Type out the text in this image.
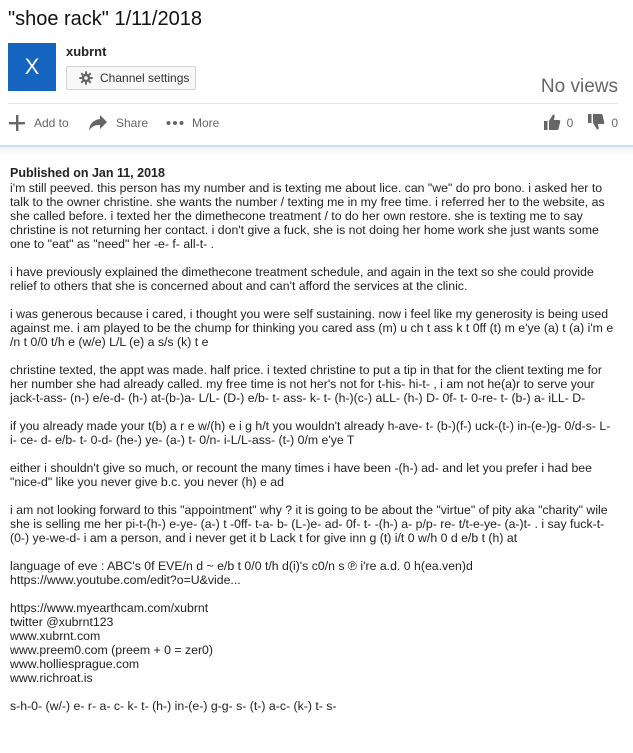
"shoe rack" 1/11/2018
X
xubrnt
Channel settings	No views
Add to	Share	More	0	0
Published on Jan 11, 2018

i'm still peeved. this person has my number and is texting me about lice. can "we" do pro bono. i asked her to talk to the owner christine. she wants the number / texting me in my free time. i referred her to the website, as she called before. i texted her the dimethecone treatment / to do her own restore. she is texting me to say christine is not returning her contact. i don't give a fuck, she is not doing her home work she just wants some one to "eat" as "need" her -e- f- all-t- .

i have previously explained the dimethecone treatment schedule, and again in the text so she could provide relief to others that she is concerned about and can't afford the services at the clinic.

i was generous because i cared, i thought you were self sustaining. now i feel like my generosity is being used against me. i am played to be the chump for thinking you cared ass (m) u ch t ass k t 0ff (t) m e'ye (a) t (a) i'm e /n t 0/0 t/h e (w/e) L/L (e) a s/s (k) t e

christine texted, the appt was made. half price. i texted christine to put a tip in that for the client texting me for her number she had already called. my free time is not her's not for t-his- hi-t- , i am not he(a)r to serve your jack-t-ass- (n-) e/e-d- (h-) at-(b-)a- L/L- (D-) e/b- t- ass- k- t- (h-)(c-) aLL- (h-) D- 0f- t- 0-re- t- (b-) a- iLL- D-

if you already made your t(b) a r e w/(h) e i g h/t you wouldn't already h-ave- t- (b-)(f-) uck-(t-) in-(e-)g- 0/d-s- L- i- ce- d- e/b- t- 0-d- (he-) ye- (a-) t- 0/n- i-L/L-ass- (t-) 0/m e'ye T

either i shouldn't give so much, or recount the many times i have been -(h-) ad- and let you prefer i had bee "nice-d" like you never give b.c. you never (h) e ad

i am not looking forward to this "appointment" why ? it is going to be about the "virtue" of pity aka "charity" wile she is selling me her pi-t-(h-) e-ye- (a-) t -0ff- t-a- b- (L-)e- ad- 0f- t- -(h-) a- p/p- re- t/t-e-ye- (a-)t- . i say fuck-t-(0-) ye-we-d- i am a person, and i never get it b Lack t for give inn g (t) i/t 0 w/h 0 d e/b t (h) at

language of eve : ABC's 0f EVE/n d ~ e/b t 0/0 t/h d(i)'s c0/n s ℗ i're a.d. 0 h(ea.ven)d
https://www.youtube.com/edit?o=U&vide...

https://www.myearthcam.com/xubrnt
twitter @xubrnt123
www.xubrnt.com
www.preem0.com (preem + 0 = zer0)
www.holliesprague.com
www.richroat.is

s-h-0- (w/-) e- r- a- c- k- t- (h-) in-(e-) g-g- s- (t-) a-c- (k-) t- s-
